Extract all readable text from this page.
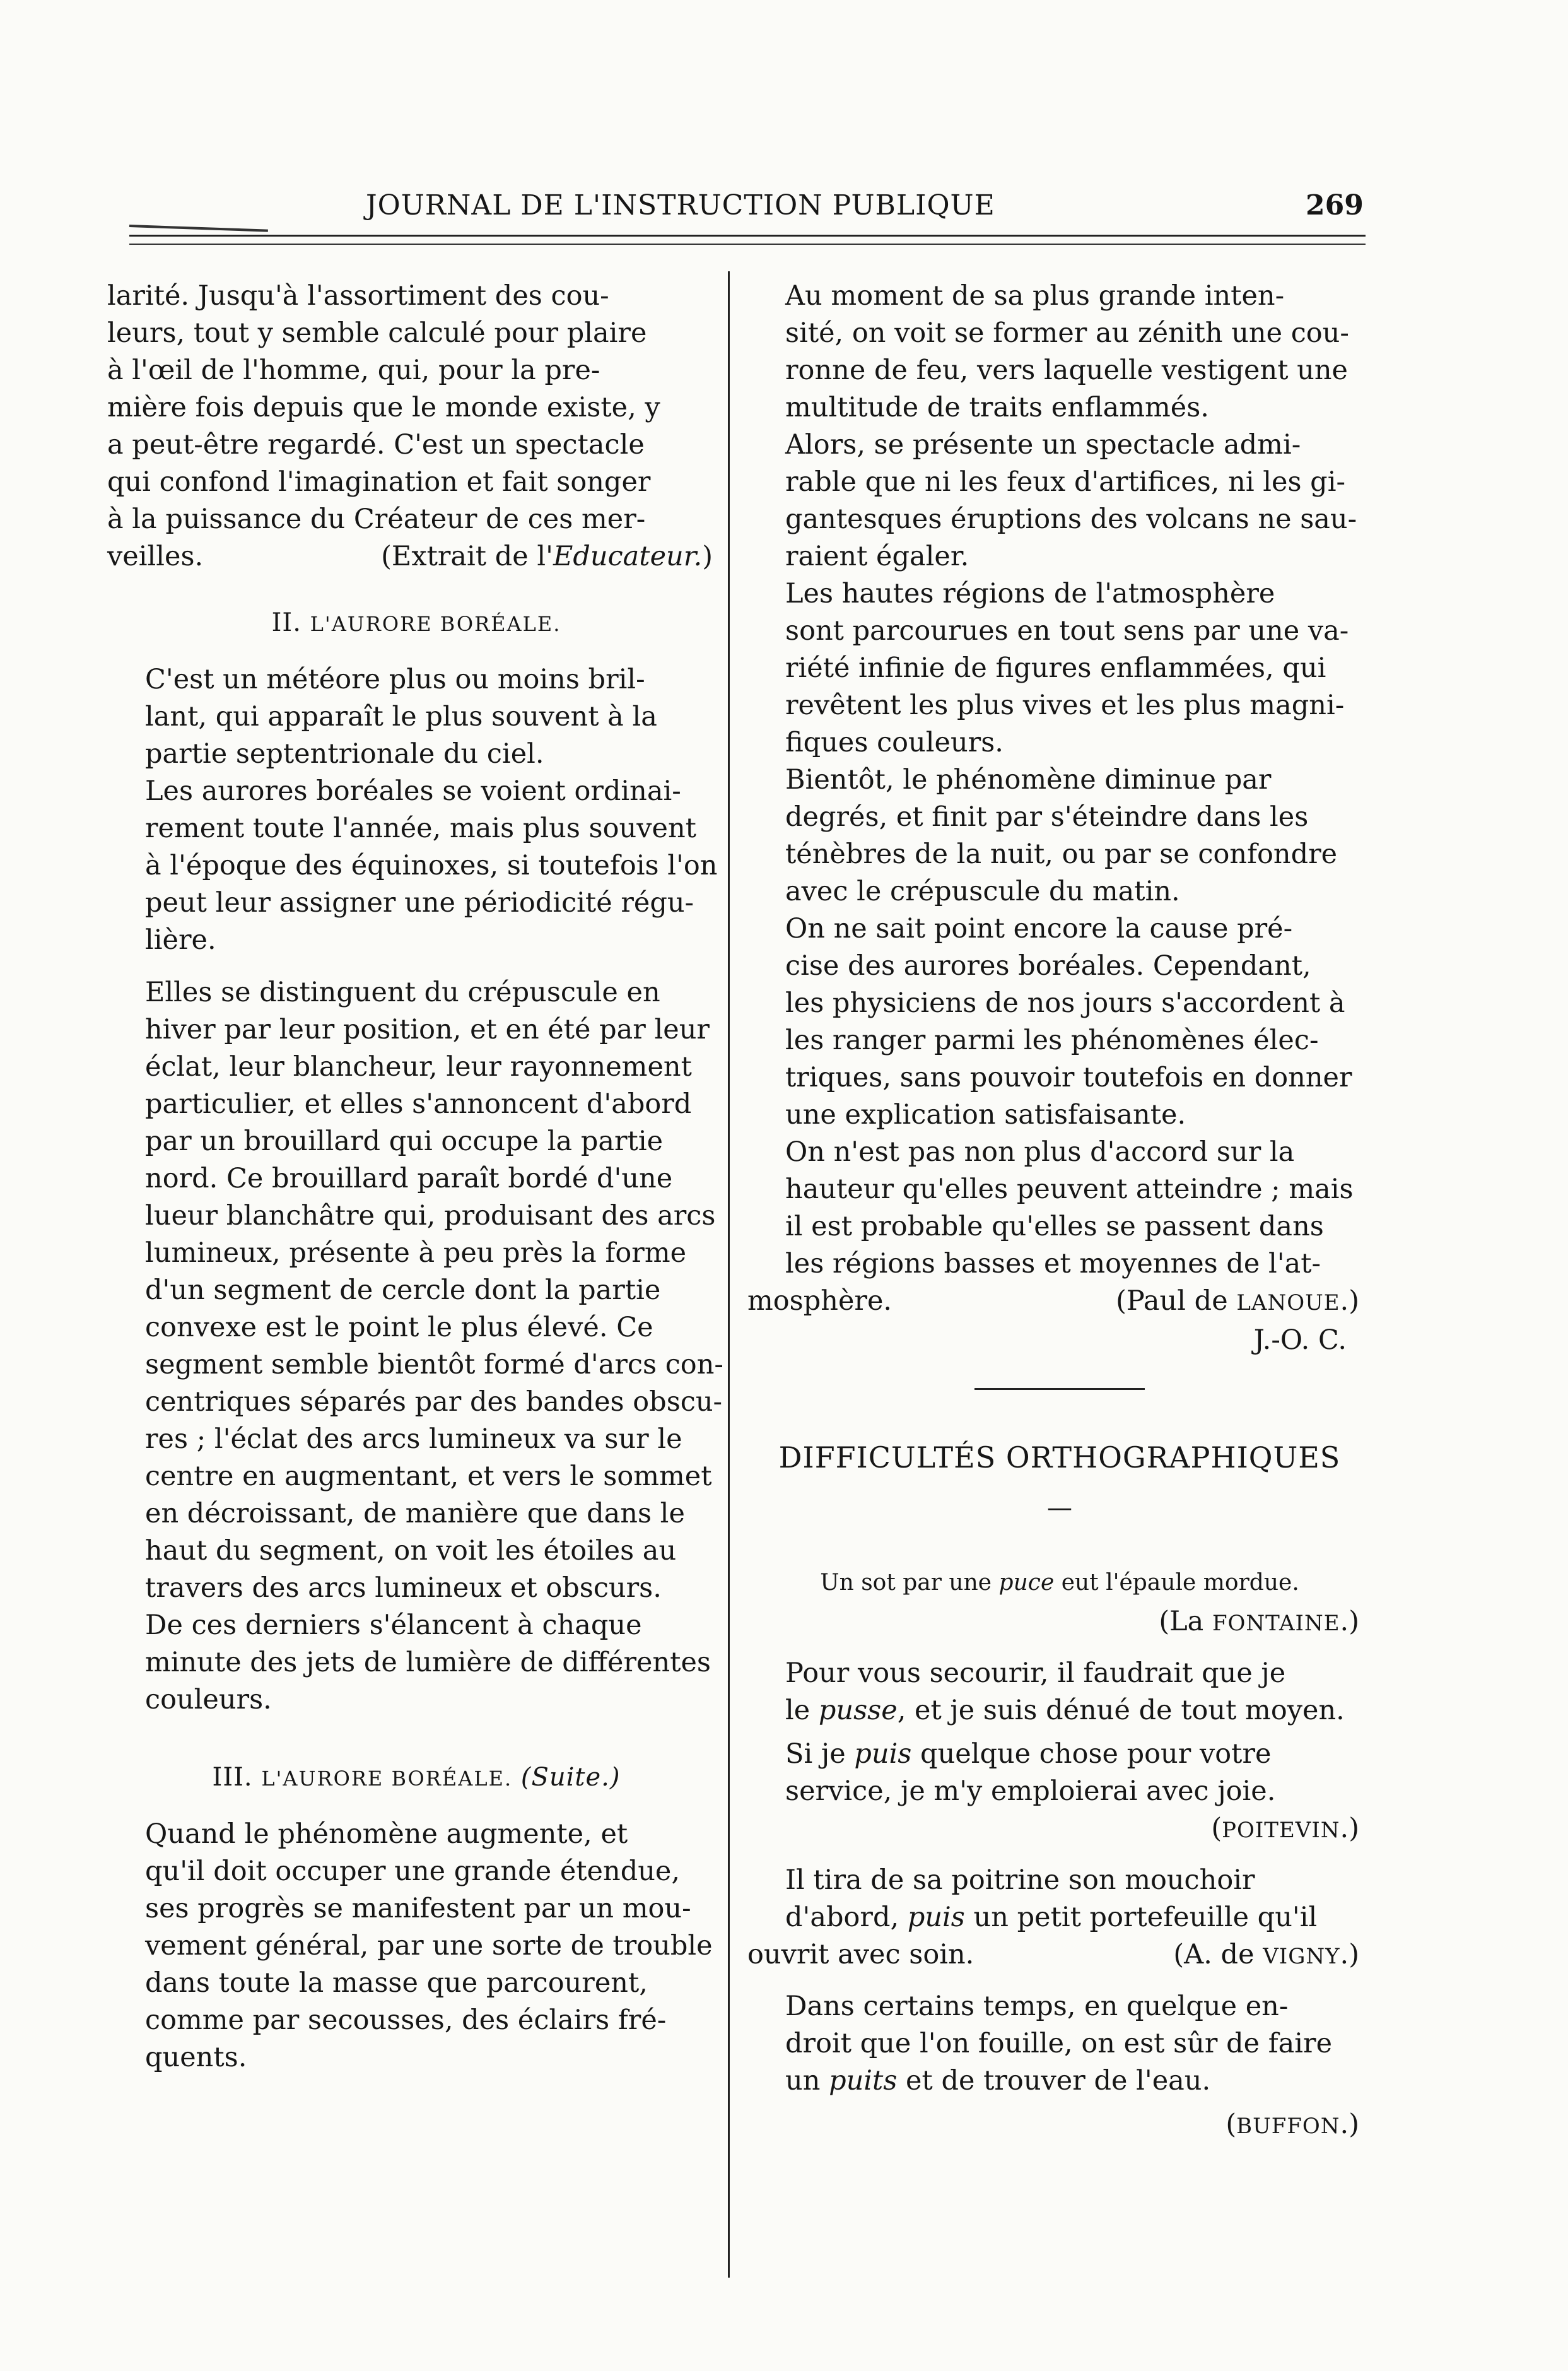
JOURNAL DE L'INSTRUCTION PUBLIQUE	269

larité. Jusqu'à l'assortiment des cou-
leurs, tout y semble calculé pour plaire
à l'œil de l'homme, qui, pour la pre-
mière fois depuis que le monde existe, y
a peut-être regardé. C'est un spectacle
qui confond l'imagination et fait songer
à la puissance du Créateur de ces mer-

veilles.	(Extrait de l'Educateur.)
II. L'AURORE BORÉALE.

C'est un météore plus ou moins bril-
lant, qui apparaît le plus souvent à la
partie septentrionale du ciel.

Les aurores boréales se voient ordinai-
rement toute l'année, mais plus souvent
à l'époque des équinoxes, si toutefois l'on
peut leur assigner une périodicité régu-
lière.

Elles se distinguent du crépuscule en
hiver par leur position, et en été par leur
éclat, leur blancheur, leur rayonnement
particulier, et elles s'annoncent d'abord
par un brouillard qui occupe la partie
nord. Ce brouillard paraît bordé d'une
lueur blanchâtre qui, produisant des arcs
lumineux, présente à peu près la forme
d'un segment de cercle dont la partie
convexe est le point le plus élevé. Ce
segment semble bientôt formé d'arcs con-
centriques séparés par des bandes obscu-
res ; l'éclat des arcs lumineux va sur le
centre en augmentant, et vers le sommet
en décroissant, de manière que dans le
haut du segment, on voit les étoiles au
travers des arcs lumineux et obscurs.

De ces derniers s'élancent à chaque
minute des jets de lumière de différentes
couleurs.

III. L'AURORE BORÉALE. (Suite.)

Quand le phénomène augmente, et
qu'il doit occuper une grande étendue,
ses progrès se manifestent par un mou-
vement général, par une sorte de trouble
dans toute la masse que parcourent,
comme par secousses, des éclairs fré-
quents.

Au moment de sa plus grande inten-
sité, on voit se former au zénith une cou-
ronne de feu, vers laquelle vestigent une
multitude de traits enflammés.

Alors, se présente un spectacle admi-
rable que ni les feux d'artifices, ni les gi-
gantesques éruptions des volcans ne sau-
raient égaler.

Les hautes régions de l'atmosphère
sont parcourues en tout sens par une va-
riété infinie de figures enflammées, qui
revêtent les plus vives et les plus magni-
fiques couleurs.

Bientôt, le phénomène diminue par
degrés, et finit par s'éteindre dans les
ténèbres de la nuit, ou par se confondre
avec le crépuscule du matin.

On ne sait point encore la cause pré-
cise des aurores boréales. Cependant,
les physiciens de nos jours s'accordent à
les ranger parmi les phénomènes élec-
triques, sans pouvoir toutefois en donner
une explication satisfaisante.

On n'est pas non plus d'accord sur la
hauteur qu'elles peuvent atteindre ; mais
il est probable qu'elles se passent dans
les régions basses et moyennes de l'at-

mosphère.	(Paul de LANOUE.)
J.-O. C.
DIFFICULTÉS ORTHOGRAPHIQUES
—
Un sot par une puce eut l'épaule mordue.
(La FONTAINE.)

Pour vous secourir, il faudrait que je
le pusse, et je suis dénué de tout moyen.

Si je puis quelque chose pour votre
service, je m'y emploierai avec joie.

(POITEVIN.)

Il tira de sa poitrine son mouchoir
d'abord, puis un petit portefeuille qu'il

ouvrit avec soin.	(A. de VIGNY.)

Dans certains temps, en quelque en-
droit que l'on fouille, on est sûr de faire
un puits et de trouver de l'eau.

(BUFFON.)
